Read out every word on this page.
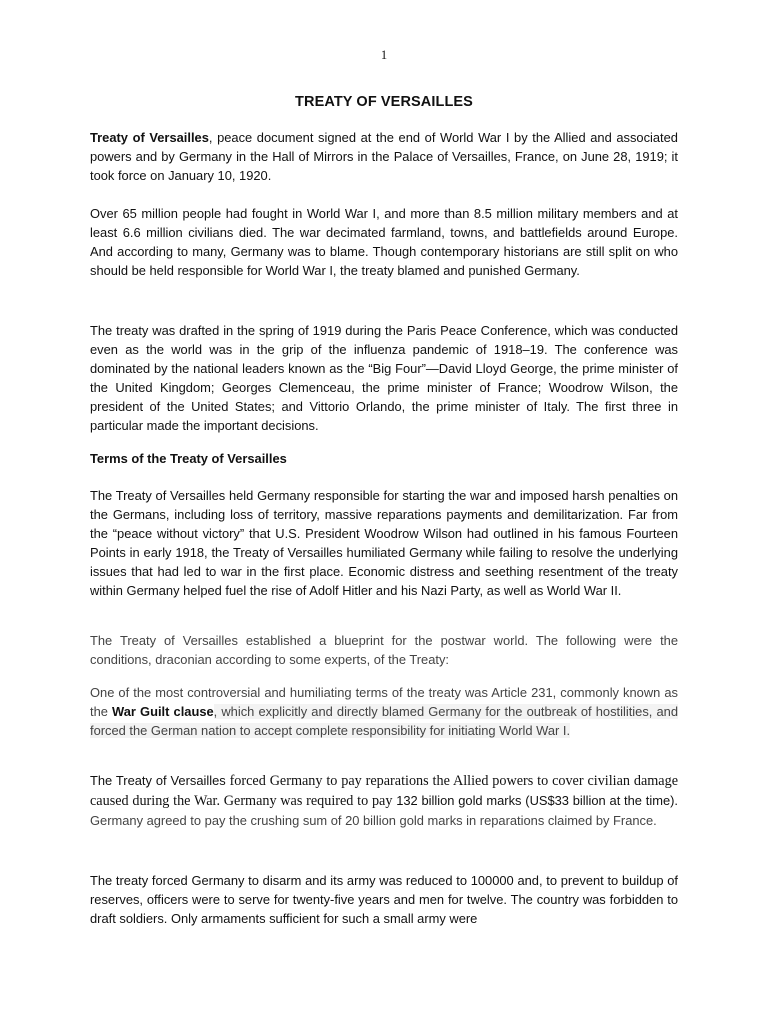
1
TREATY OF VERSAILLES

Treaty of Versailles, peace document signed at the end of World War I by the Allied and associated powers and by Germany in the Hall of Mirrors in the Palace of Versailles, France, on June 28, 1919; it took force on January 10, 1920.

Over 65 million people had fought in World War I, and more than 8.5 million military members and at least 6.6 million civilians died. The war decimated farmland, towns, and battlefields around Europe. And according to many, Germany was to blame. Though contemporary historians are still split on who should be held responsible for World War I, the treaty blamed and punished Germany.

The treaty was drafted in the spring of 1919 during the Paris Peace Conference, which was conducted even as the world was in the grip of the influenza pandemic of 1918–19. The conference was dominated by the national leaders known as the “Big Four”—David Lloyd George, the prime minister of the United Kingdom; Georges Clemenceau, the prime minister of France; Woodrow Wilson, the president of the United States; and Vittorio Orlando, the prime minister of Italy. The first three in particular made the important decisions.

Terms of the Treaty of Versailles

The Treaty of Versailles held Germany responsible for starting the war and imposed harsh penalties on the Germans, including loss of territory, massive reparations payments and demilitarization. Far from the “peace without victory” that U.S. President Woodrow Wilson had outlined in his famous Fourteen Points in early 1918, the Treaty of Versailles humiliated Germany while failing to resolve the underlying issues that had led to war in the first place. Economic distress and seething resentment of the treaty within Germany helped fuel the rise of Adolf Hitler and his Nazi Party, as well as World War II.

The Treaty of Versailles established a blueprint for the postwar world. The following were the conditions, draconian according to some experts, of the Treaty:

One of the most controversial and humiliating terms of the treaty was Article 231, commonly known as the War Guilt clause, which explicitly and directly blamed Germany for the outbreak of hostilities, and forced the German nation to accept complete responsibility for initiating World War I.

The Treaty of Versailles forced Germany to pay reparations the Allied powers to cover civilian damage caused during the War. Germany was required to pay 132 billion gold marks (US$33 billion at the time). Germany agreed to pay the crushing sum of 20 billion gold marks in reparations claimed by France.

The treaty forced Germany to disarm and its army was reduced to 100000 and, to prevent to buildup of reserves, officers were to serve for twenty-five years and men for twelve. The country was forbidden to draft soldiers. Only armaments sufficient for such a small army were
